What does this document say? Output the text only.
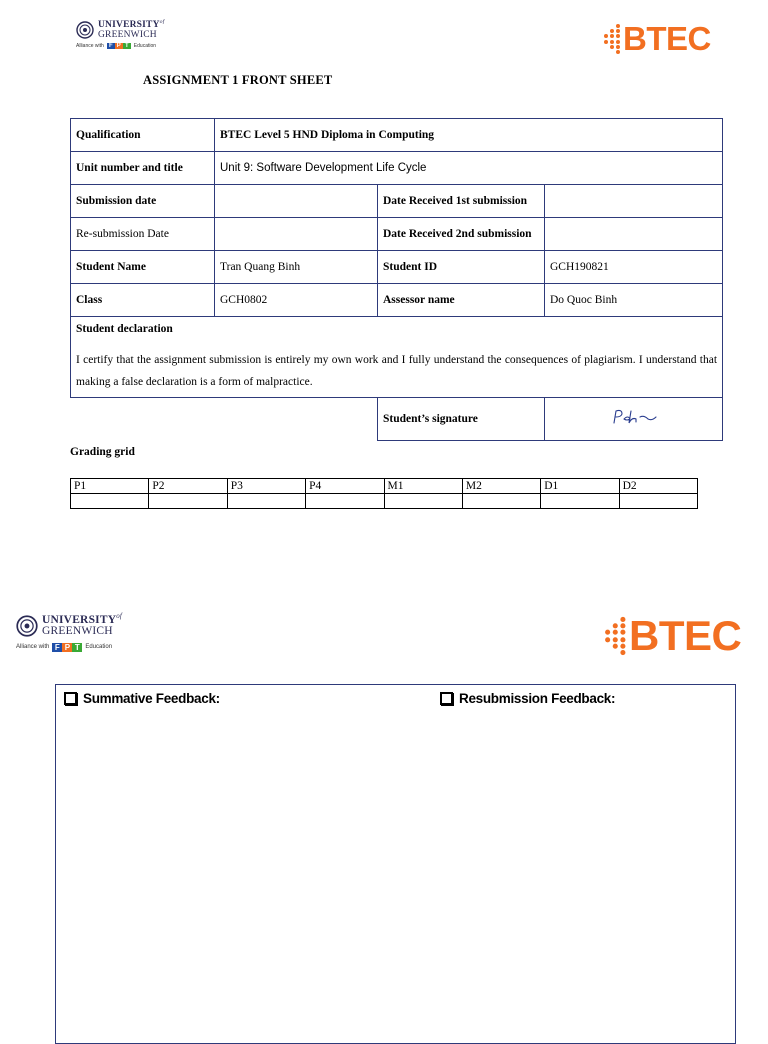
$UNIVERSITY^{of}$
GREENWICH
Alliance with F P T	Education	BTEC
ASSIGNMENT 1 FRONT SHEET
Qualification	BTEC Level 5 HND Diploma in Computing		
Unit number and title	Unit 9: Software Development Life Cycle		
Submission date		Date Received 1st submission	
Re-submission Date		Date Received 2nd submission	
Student Name	Tran Quang Binh	Student ID	GCH190821
Class	GCH0802	Assessor name	Do Quoc Binh

Student declaration
I certify that the assignment submission is entirely my own work and I fully understand the consequences of plagiarism. I understand that making a false declaration is a form of malpractice.			

		Student’s signature	
Grading grid
P1	P2	P3	P4	M1	M2	D1	D2

$UNIVERSITY^{of}$
GREENWICH
Alliance with F P T Education	BTEC
Summative Feedback:	Resubmission Feedback:
